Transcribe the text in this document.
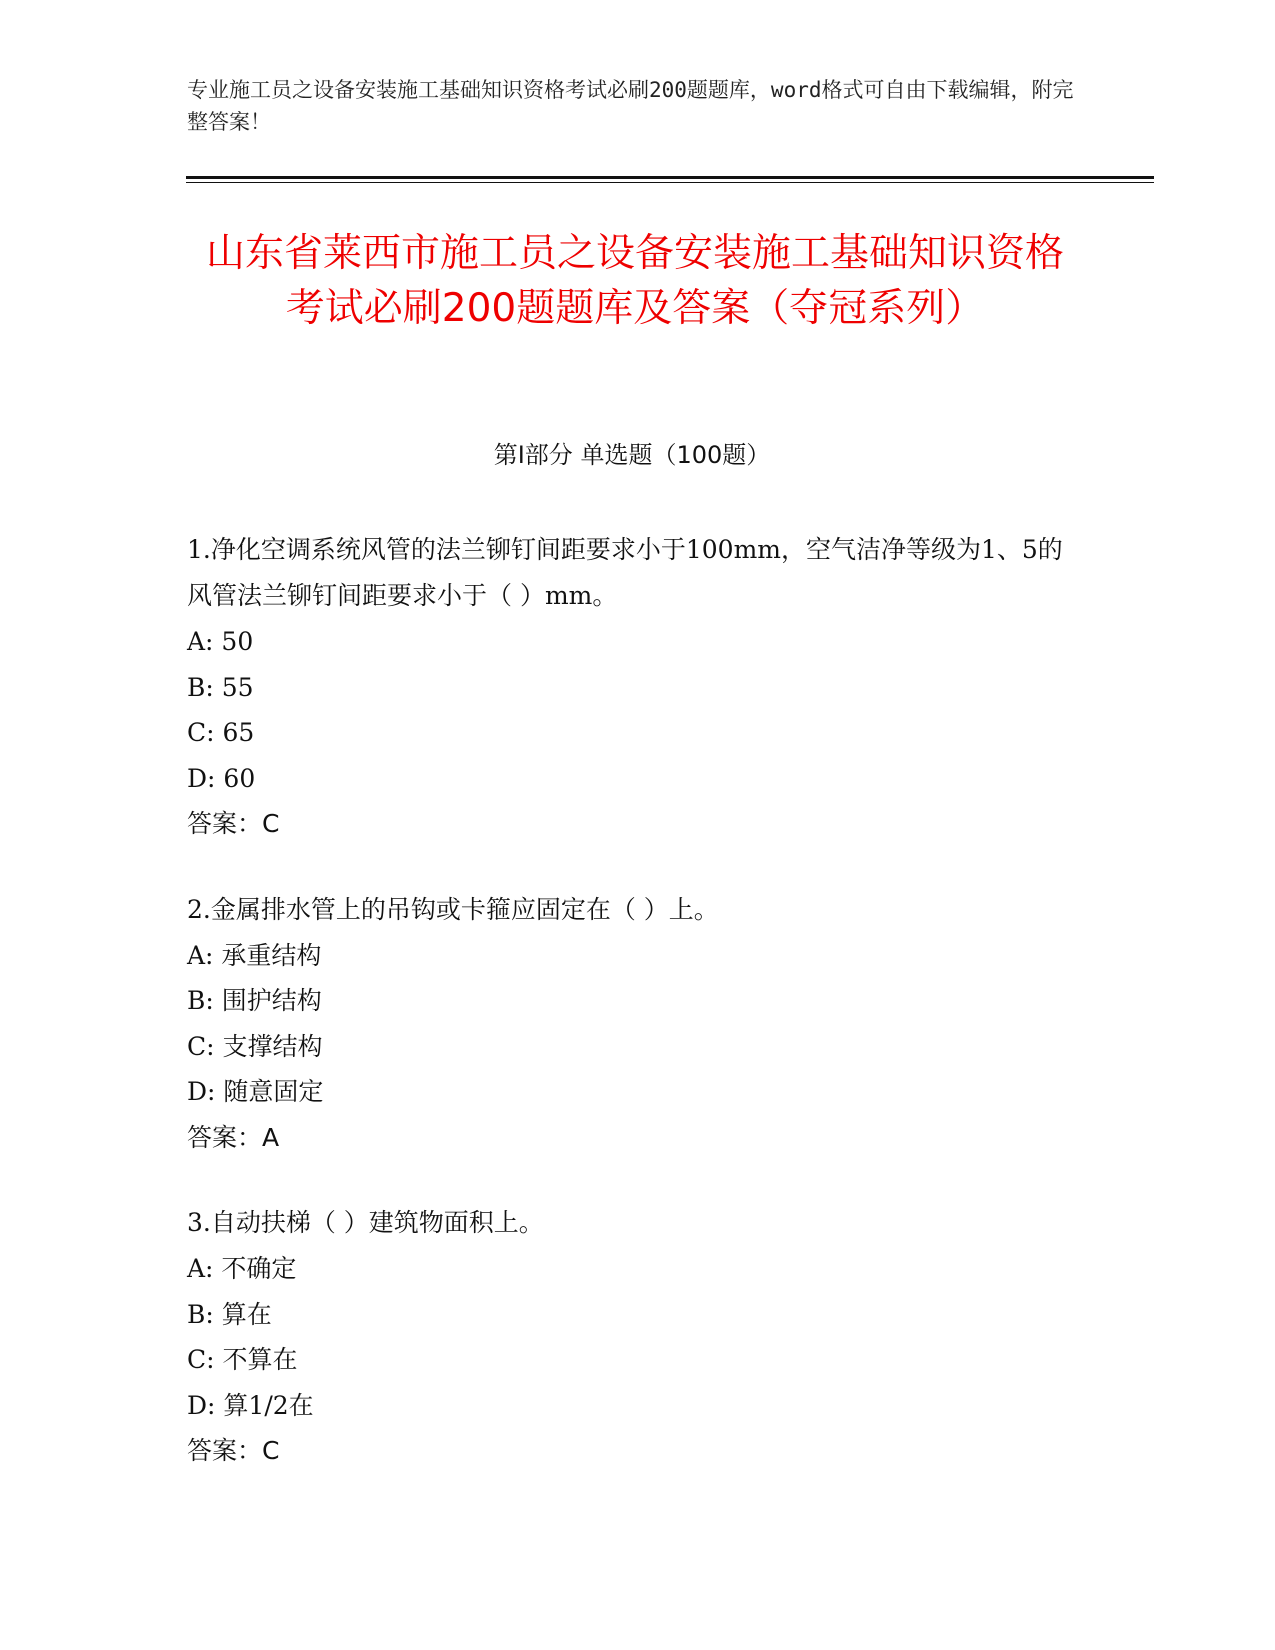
专业施工员之设备安装施工基础知识资格考试必刷200题题库，word格式可自由下载编辑，附完整答案！
山东省莱西市施工员之设备安装施工基础知识资格考试必刷200题题库及答案（夺冠系列）
第I部分 单选题（100题）
1.净化空调系统风管的法兰铆钉间距要求小于100mm，空气洁净等级为1、5的风管法兰铆钉间距要求小于（ ）mm。
A: 50
B: 55
C: 65
D: 60
答案：C
2.金属排水管上的吊钩或卡箍应固定在（ ）上。
A: 承重结构
B: 围护结构
C: 支撑结构
D: 随意固定
答案：A
3.自动扶梯（ ）建筑物面积上。
A: 不确定
B: 算在
C: 不算在
D: 算1/2在
答案：C
